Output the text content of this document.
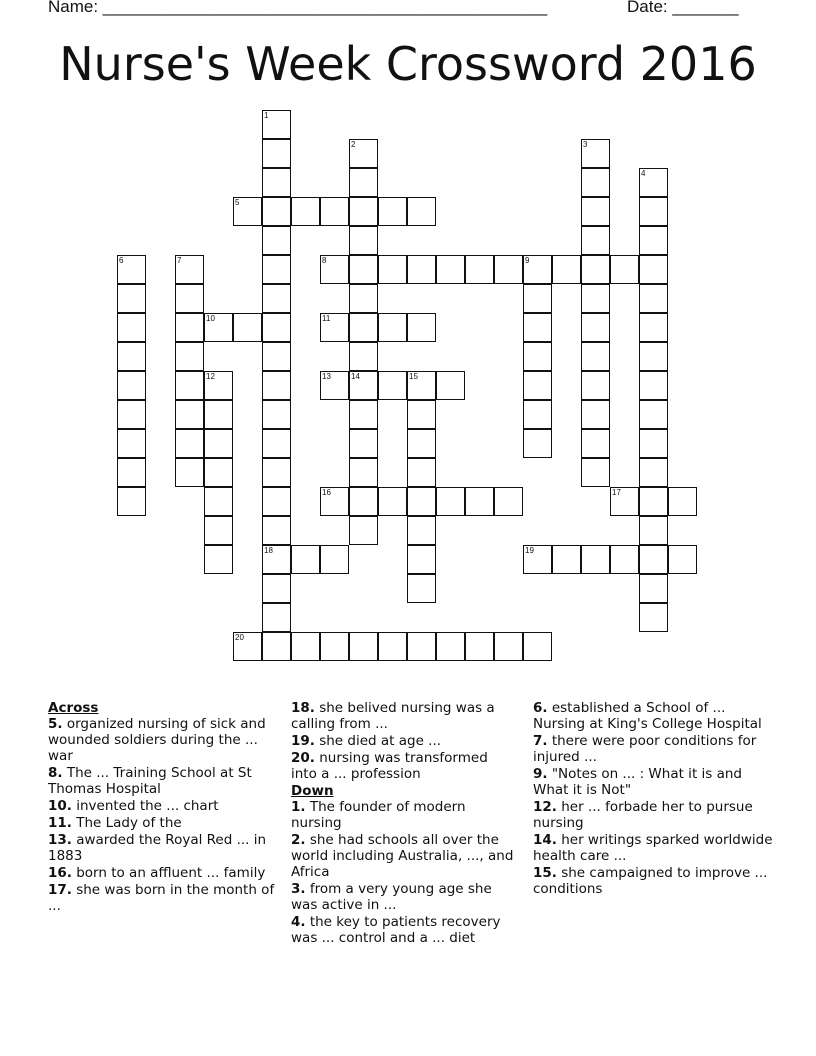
Name: _______________________________________________	Date: _______
Nurse's Week Crossword 2016
1
18
2
14
3
4
5
6	7	8	9
10	11
12	13	15
16	17
19
20
Across
5. organized nursing of sick and wounded soldiers during the ... war
8. The ... Training School at St Thomas Hospital
10. invented the ... chart
11. The Lady of the
13. awarded the Royal Red ... in 1883
16. born to an affluent ... family
17. she was born in the month of ...
18. she belived nursing was a calling from ...
19. she died at age ...
20. nursing was transformed into a ... profession
Down
1. The founder of modern nursing
2. she had schools all over the world including Australia, ..., and Africa
3. from a very young age she was active in ...
4. the key to patients recovery was ... control and a ... diet
6. established a School of ... Nursing at King's College Hospital
7. there were poor conditions for injured ...
9. "Notes on ... : What it is and What it is Not"
12. her ... forbade her to pursue nursing
14. her writings sparked worldwide health care ...
15. she campaigned to improve ... conditions
